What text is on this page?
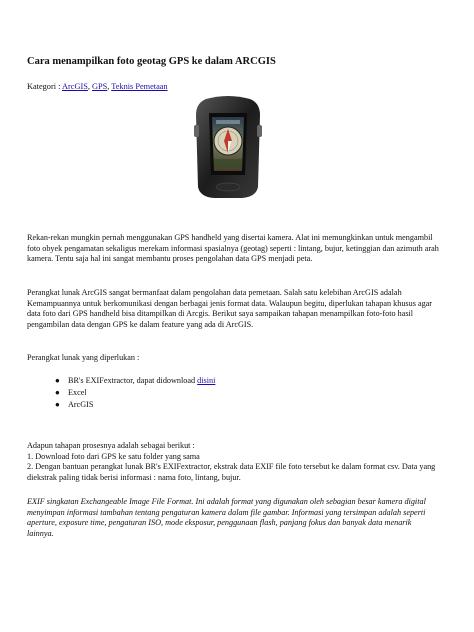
Cara menampilkan foto geotag GPS ke dalam ARCGIS
Kategori : ArcGIS, GPS, Teknis Pemetaan

Rekan-rekan mungkin pernah menggunakan GPS handheld yang disertai kamera. Alat ini memungkinkan untuk mengambil foto obyek pengamatan sekaligus merekam informasi spasialnya (geotag) seperti : lintang, bujur, ketinggian dan azimuth arah kamera. Tentu saja hal ini sangat membantu proses pengolahan data GPS menjadi peta.

Perangkat lunak ArcGIS sangat bermanfaat dalam pengolahan data pemetaan. Salah satu kelebihan ArcGIS adalah Kemampuannya untuk berkomunikasi dengan berbagai jenis format data. Walaupun begitu, diperlukan tahapan khusus agar data foto dari GPS handheld bisa ditampilkan di Arcgis. Berikut saya sampaikan tahapan menampilkan foto-foto hasil pengambilan data dengan GPS ke dalam feature yang ada di ArcGIS.

Perangkat lunak yang diperlukan :

● BR's EXIFextractor, dapat didownload disini
● Excel
● ArcGIS
Adapun tahapan prosesnya adalah sebagai berikut :
1. Download foto dari GPS ke satu folder yang sama
2. Dengan bantuan perangkat lunak BR's EXIFextractor, ekstrak data EXIF file foto tersebut ke dalam format csv. Data yang diekstrak paling tidak berisi informasi : nama foto, lintang, bujur.

EXIF singkatan Exchangeable Image File Format. Ini adalah format yang digunakan oleh sebagian besar kamera digital menyimpan informasi tambahan tentang pengaturan kamera dalam file gambar. Informasi yang tersimpan adalah seperti aperture, exposure time, pengaturan ISO, mode eksposur, penggunaan flash, panjang fokus dan banyak data menarik lainnya.
